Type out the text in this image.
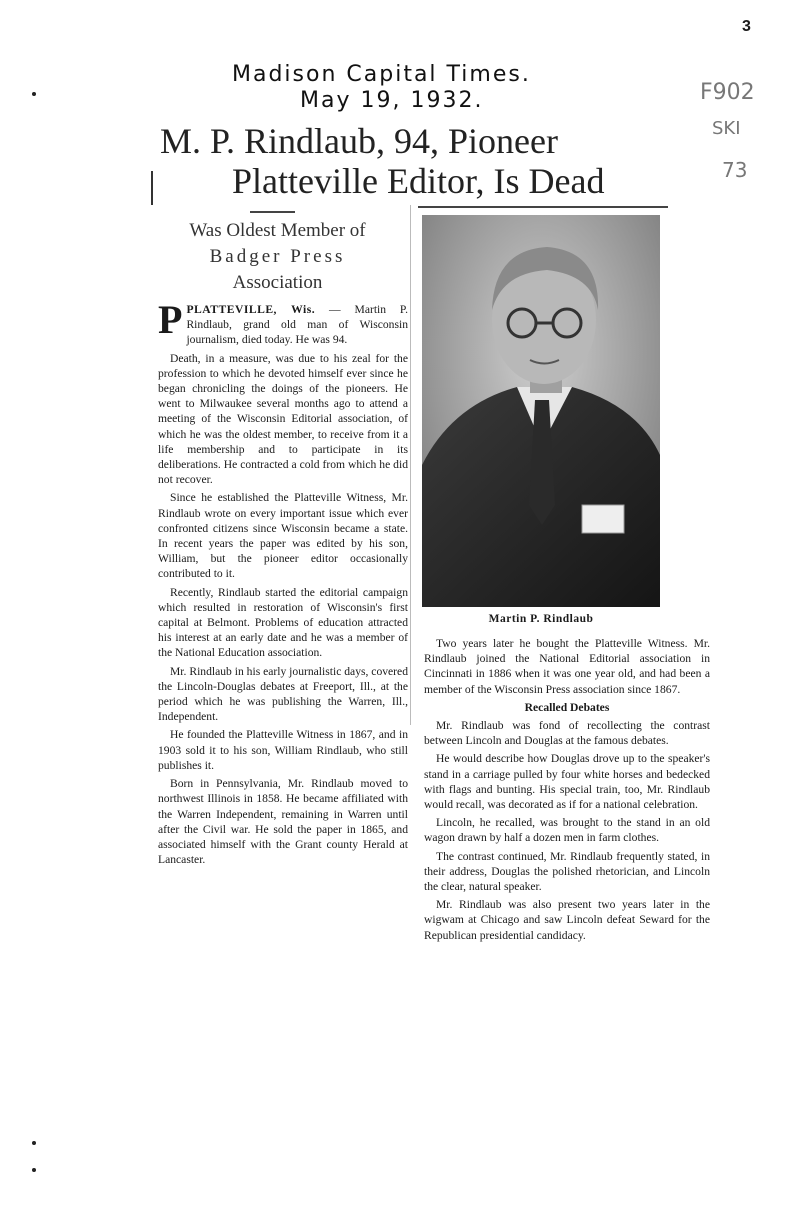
3
Madison Capital Times.
May 19, 1932.	F902
SKI
73
M. P. Rindlaub, 94, Pioneer
Platteville Editor, Is Dead
Was Oldest Member of
Badger Press
Association

PPLATTEVILLE, Wis. — Martin P. Rindlaub, grand old man of Wisconsin journalism, died today. He was 94.

Death, in a measure, was due to his zeal for the profession to which he devoted himself ever since he began chronicling the doings of the pioneers. He went to Milwaukee several months ago to attend a meeting of the Wisconsin Editorial association, of which he was the oldest member, to receive from it a life membership and to participate in its deliberations. He contracted a cold from which he did not recover.

Since he established the Platteville Witness, Mr. Rindlaub wrote on every important issue which ever confronted citizens since Wisconsin became a state. In recent years the paper was edited by his son, William, but the pioneer editor occasionally contributed to it.

Recently, Rindlaub started the editorial campaign which resulted in restoration of Wisconsin's first capital at Belmont. Problems of education attracted his interest at an early date and he was a member of the National Education association.

Mr. Rindlaub in his early journalistic days, covered the Lincoln-Douglas debates at Freeport, Ill., at the period which he was publishing the Warren, Ill., Independent.

He founded the Platteville Witness in 1867, and in 1903 sold it to his son, William Rindlaub, who still publishes it.

Born in Pennsylvania, Mr. Rindlaub moved to northwest Illinois in 1858. He became affiliated with the Warren Independent, remaining in Warren until after the Civil war. He sold the paper in 1865, and associated himself with the Grant county Herald at Lancaster.

Martin P. Rindlaub

Two years later he bought the Platteville Witness. Mr. Rindlaub joined the National Editorial association in Cincinnati in 1886 when it was one year old, and had been a member of the Wisconsin Press association since 1867.

Recalled Debates

Mr. Rindlaub was fond of recollecting the contrast between Lincoln and Douglas at the famous debates.

He would describe how Douglas drove up to the speaker's stand in a carriage pulled by four white horses and bedecked with flags and bunting. His special train, too, Mr. Rindlaub would recall, was decorated as if for a national celebration.

Lincoln, he recalled, was brought to the stand in an old wagon drawn by half a dozen men in farm clothes.

The contrast continued, Mr. Rindlaub frequently stated, in their address, Douglas the polished rhetorician, and Lincoln the clear, natural speaker.

Mr. Rindlaub was also present two years later in the wigwam at Chicago and saw Lincoln defeat Seward for the Republican presidential candidacy.
